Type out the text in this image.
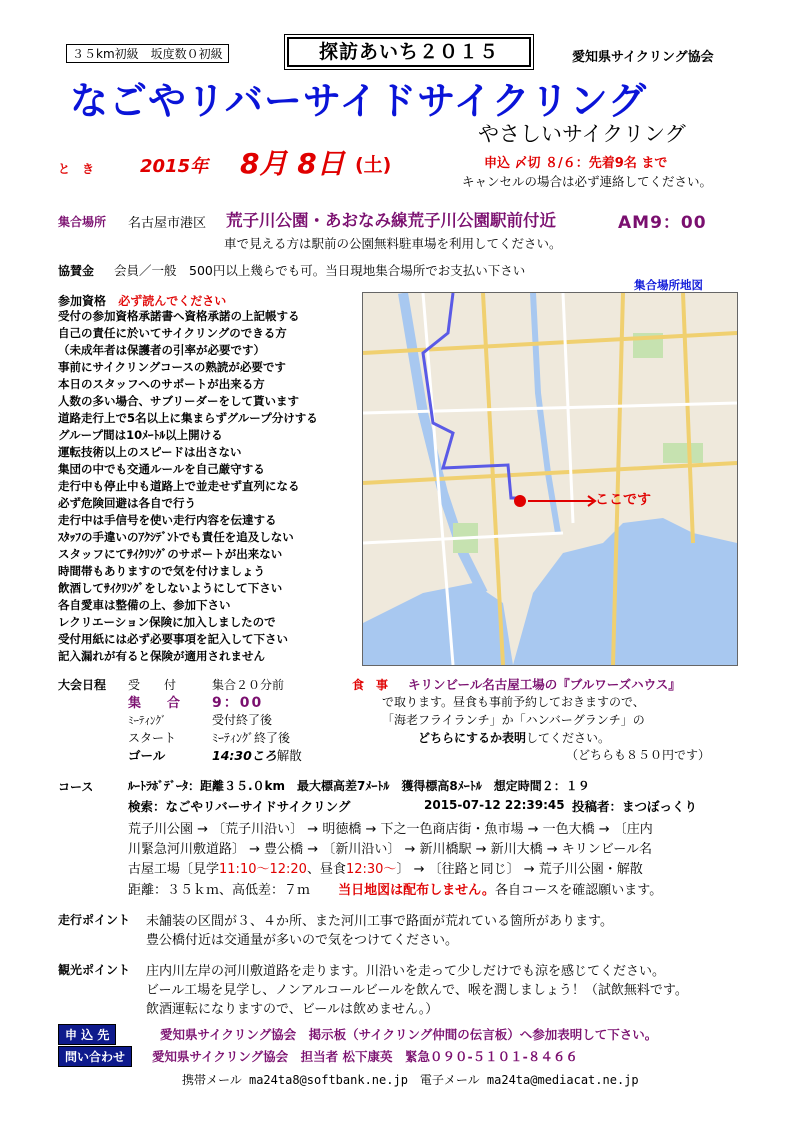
３５km初級　坂度数０初級	探訪あいち２０１５	愛知県サイクリング協会
なごやリバーサイドサイクリング
やさしいサイクリング
と　き	2015年 8月 8日 (土)	申込 〆切 ８/６：先着9名 まで
キャンセルの場合は必ず連絡してください。
集合場所 名古屋市港区 荒子川公園・あおなみ線荒子川公園駅前付近	AM9：00
車で見える方は駅前の公園無料駐車場を利用してください。
協賛金 会員／一般　500円以上幾らでも可。当日現地集合場所でお支払い下さい
集合場所地図
参加資格 必ず読んでください
受付の参加資格承諾書へ資格承諾の上記帳する
自己の責任に於いてサイクリングのできる方
（未成年者は保護者の引率が必要です）
事前にサイクリングコースの熟読が必要です
本日のスタッフへのサポートが出来る方
人数の多い場合、サブリーダーをして貰います
道路走行上で5名以上に集まらずグループ分けする
グループ間は10ﾒｰﾄﾙ以上開ける
運転技術以上のスピードは出さない
集団の中でも交通ルールを自己厳守する
走行中も停止中も道路上で並走せず直列になる
必ず危険回避は各自で行う
走行中は手信号を使い走行内容を伝達する
ｽﾀｯﾌの手違いのｱｸｼﾃﾞﾝﾄでも責任を追及しない
スタッフにてｻｲｸﾘﾝｸﾞのサポートが出来ない
時間帯もありますので気を付けましょう
飲酒してｻｲｸﾘﾝｸﾞをしないようにして下さい
各自愛車は整備の上、参加下さい
レクリエーション保険に加入しましたので
受付用紙には必ず必要事項を記入して下さい
記入漏れが有ると保険が適用されません
ここです
大会日程 受　　付	集合２０分前
集　　合 9：00
ﾐｰﾃｨﾝｸﾞ	受付終了後
スタート	ﾐｰﾃｨﾝｸﾞ終了後
ゴール	14:30ころ解散
食　事 キリンビール名古屋工場の『ブルワーズハウス』
で取ります。昼食も事前予約しておきますので、
「海老フライランチ」か「ハンバーグランチ」の
どちらにするか表明してください。
（どちらも８５０円です）
コース	ﾙｰﾄﾗﾎﾞﾃﾞｰﾀ：距離３５.０km　最大標高差7ﾒｰﾄﾙ　獲得標高8ﾒｰﾄﾙ　想定時間２：１９
検索：なごやリバーサイドサイクリング	2015-07-12 22:39:45 投稿者：まつぼっくり
荒子川公園 → 〔荒子川沿い〕 → 明徳橋 → 下之一色商店街・魚市場 → 一色大橋 → 〔庄内
川緊急河川敷道路〕 → 豊公橋 → 〔新川沿い〕 → 新川橋駅 → 新川大橋 → キリンビール名
古屋工場〔見学11:10〜12:20、昼食12:30〜〕 → 〔往路と同じ〕 → 荒子川公園・解散
距離：３５ｋｍ、高低差：７ｍ 当日地図は配布しません。各自コースを確認願います。
走行ポイント 未舗装の区間が３、４か所、また河川工事で路面が荒れている箇所があります。
豊公橋付近は交通量が多いので気をつけてください。
観光ポイント 庄内川左岸の河川敷道路を走ります。川沿いを走って少しだけでも涼を感じてください。
ビール工場を見学し、ノンアルコールビールを飲んで、喉を潤しましょう！（試飲無料です。
飲酒運転になりますので、ビールは飲めません。）
申 込 先	愛知県サイクリング協会　掲示板（サイクリング仲間の伝言板）へ参加表明して下さい。
問い合わせ	愛知県サイクリング協会　担当者 松下康英　緊急０９０-５１０１-８４６６
携帯メール ma24ta8@softbank.ne.jp　電子メール ma24ta@mediacat.ne.jp
